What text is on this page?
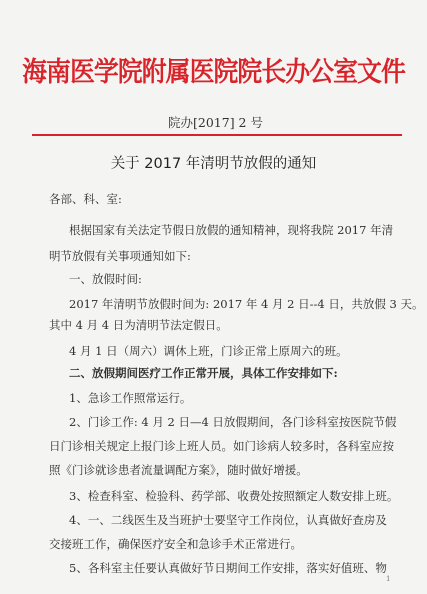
海南医学院附属医院院长办公室文件
院办[2017] 2 号
关于 2017 年清明节放假的通知
各部、科、室:
根据国家有关法定节假日放假的通知精神，现将我院 2017 年清
明节放假有关事项通知如下:
一、放假时间:
2017 年清明节放假时间为: 2017 年 4 月 2 日--4 日，共放假 3 天。
其中 4 月 4 日为清明节法定假日。
4 月 1 日（周六）调休上班，门诊正常上原周六的班。
二、放假期间医疗工作正常开展，具体工作安排如下:
1、急诊工作照常运行。
2、门诊工作: 4 月 2 日—4 日放假期间，各门诊科室按医院节假
日门诊相关规定上报门诊上班人员。如门诊病人较多时，各科室应按
照《门诊就诊患者流量调配方案》，随时做好增援。
3、检查科室、检验科、药学部、收费处按照额定人数安排上班。
4、一、二线医生及当班护士要坚守工作岗位，认真做好查房及
交接班工作，确保医疗安全和急诊手术正常进行。
5、各科室主任要认真做好节日期间工作安排，落实好值班、物
1
